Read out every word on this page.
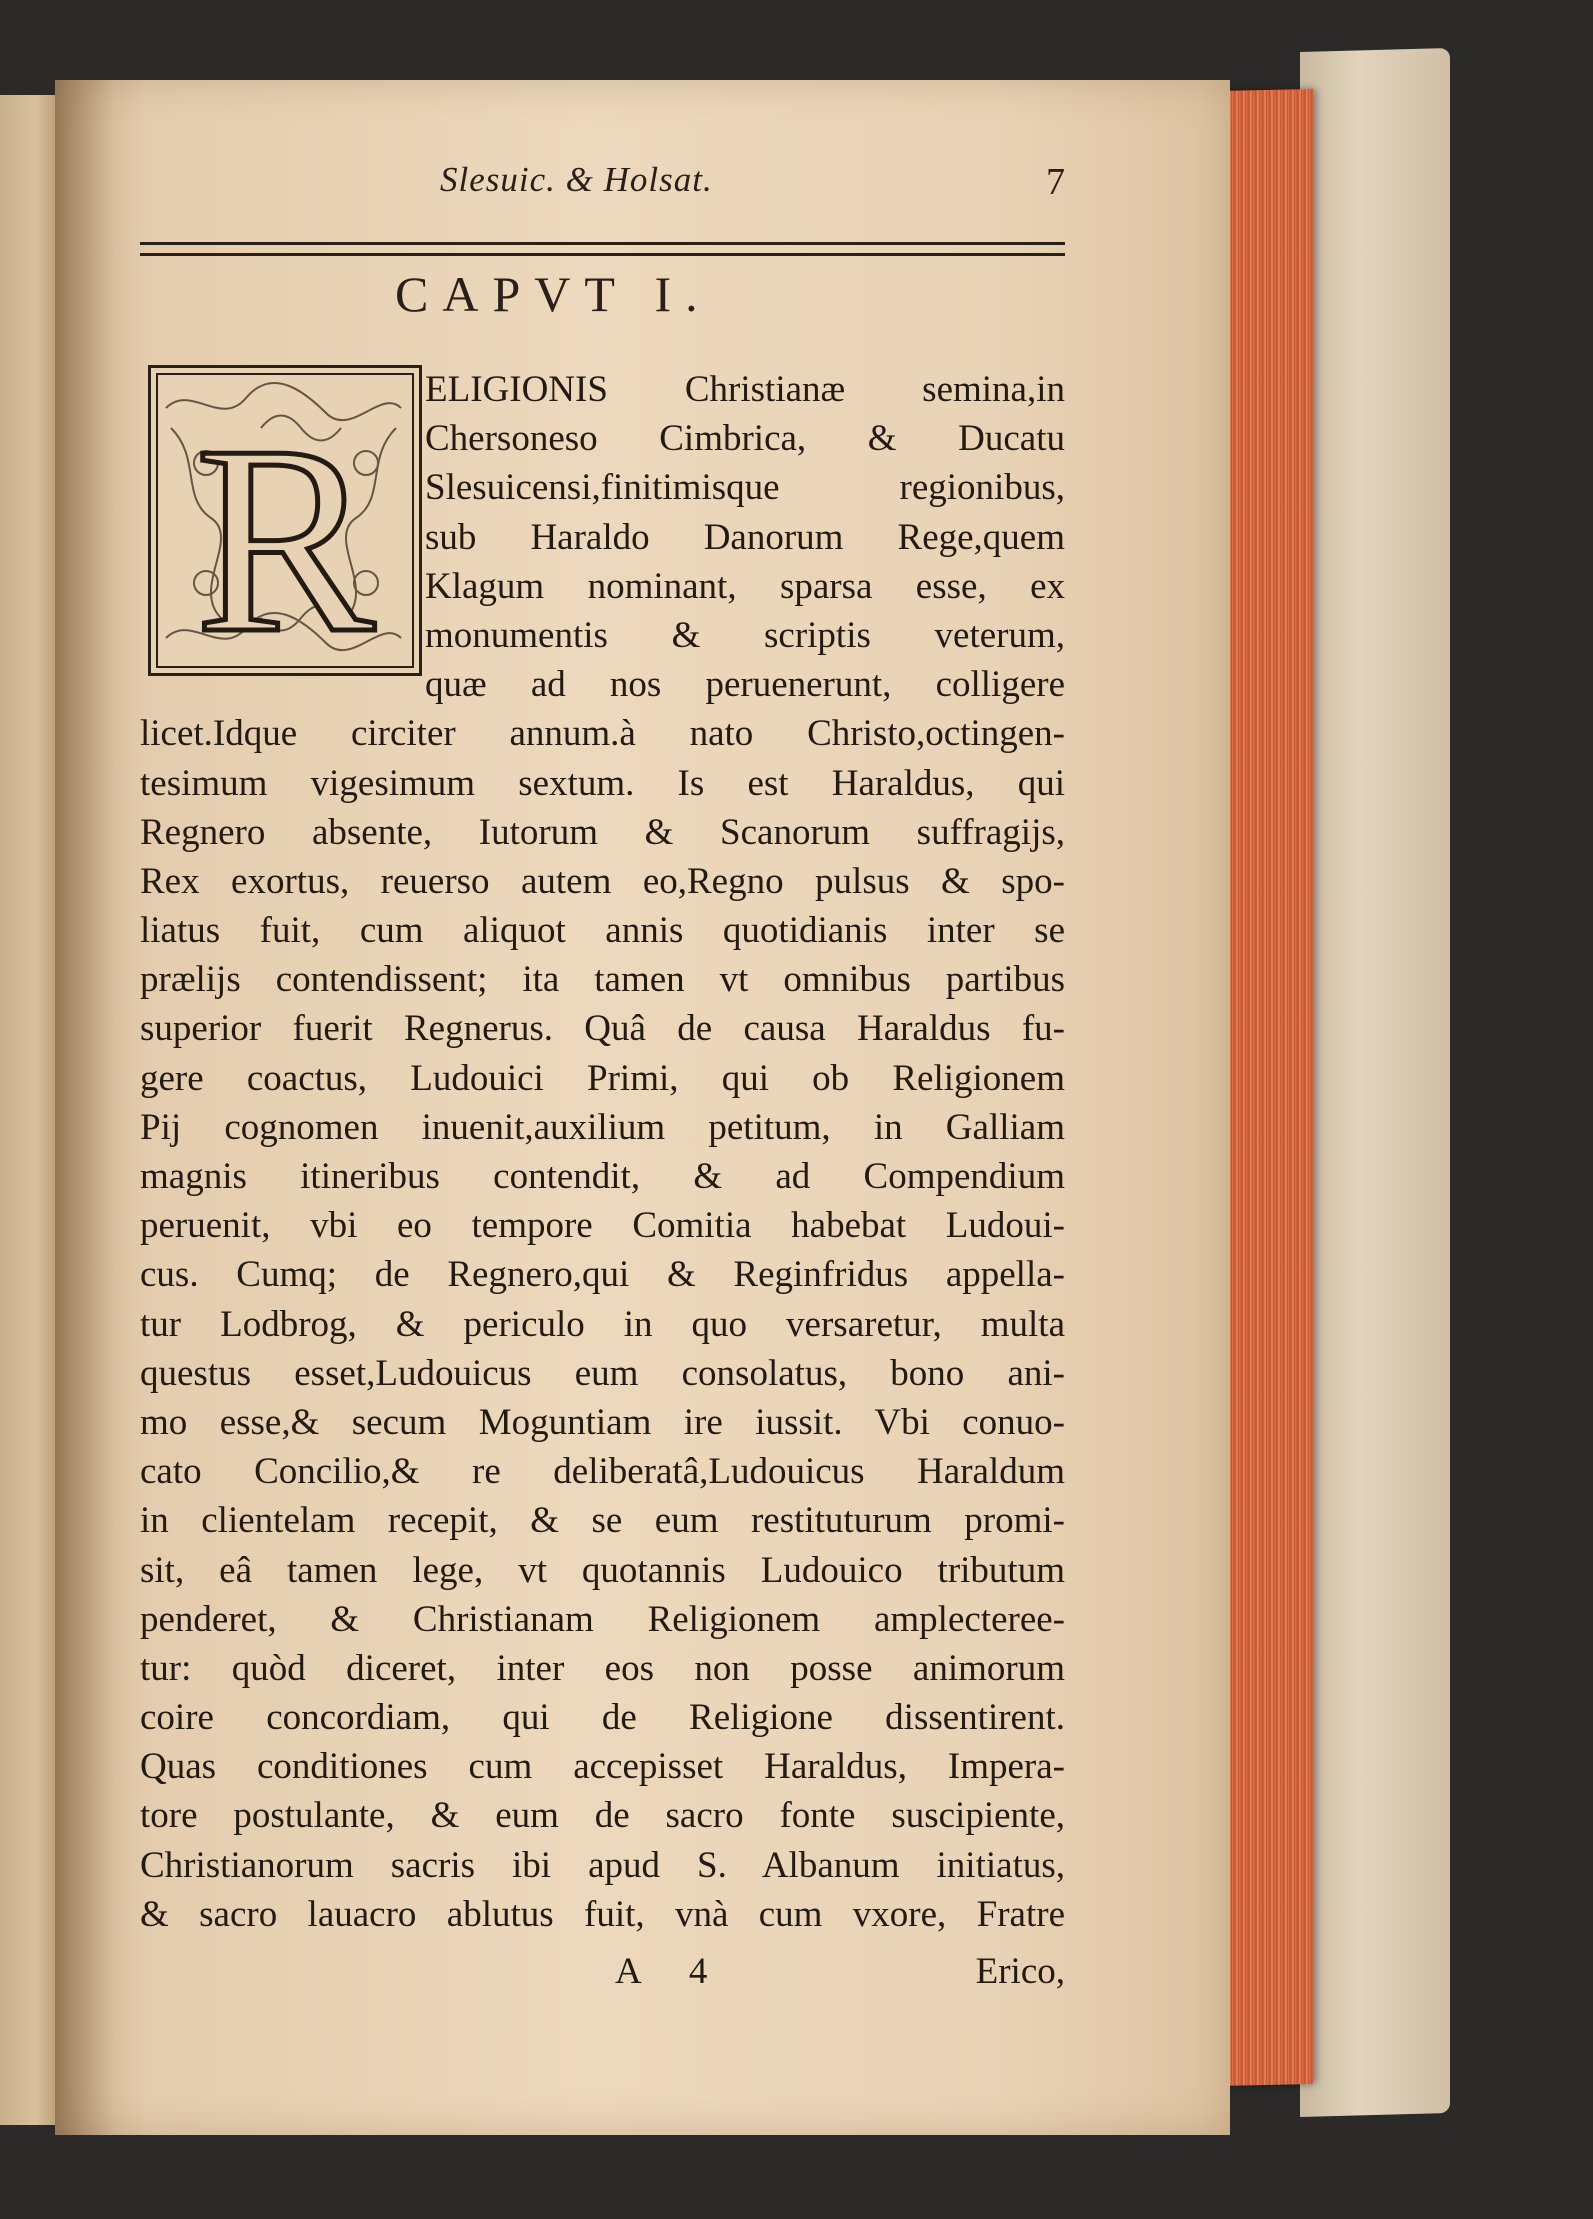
Slesuic. & Holsat.	7
CAPVT I.
ELIGIONIS Christianæ semina,in
Chersoneso Cimbrica, & Ducatu
Slesuicensi,finitimisque regionibus,
sub Haraldo Danorum Rege,quem
Klagum nominant, sparsa esse, ex
monumentis & scriptis veterum,
quæ ad nos peruenerunt, colligere
licet.Idque circiter annum.à nato Christo,octingen-
tesimum vigesimum sextum. Is est Haraldus, qui
Regnero absente, Iutorum & Scanorum suffragijs,
Rex exortus, reuerso autem eo,Regno pulsus & spo-
liatus fuit, cum aliquot annis quotidianis inter se
prælijs contendissent; ita tamen vt omnibus partibus
superior fuerit Regnerus. Quâ de causa Haraldus fu-
gere coactus, Ludouici Primi, qui ob Religionem
Pij cognomen inuenit,auxilium petitum, in Galliam
magnis itineribus contendit, & ad Compendium
peruenit, vbi eo tempore Comitia habebat Ludoui-
cus. Cumq; de Regnero,qui & Reginfridus appella-
tur Lodbrog, & periculo in quo versaretur, multa
questus esset,Ludouicus eum consolatus, bono ani-
mo esse,& secum Moguntiam ire iussit. Vbi conuo-
cato Concilio,& re deliberatâ,Ludouicus Haraldum
in clientelam recepit, & se eum restituturum promi-
sit, eâ tamen lege, vt quotannis Ludouico tributum
penderet, & Christianam Religionem amplecteree-
tur: quòd diceret, inter eos non posse animorum
coire concordiam, qui de Religione dissentirent.
Quas conditiones cum accepisset Haraldus, Impera-
tore postulante, & eum de sacro fonte suscipiente,
Christianorum sacris ibi apud S. Albanum initiatus,
& sacro lauacro ablutus fuit, vnà cum vxore, Fratre
R
A 4	Erico,
